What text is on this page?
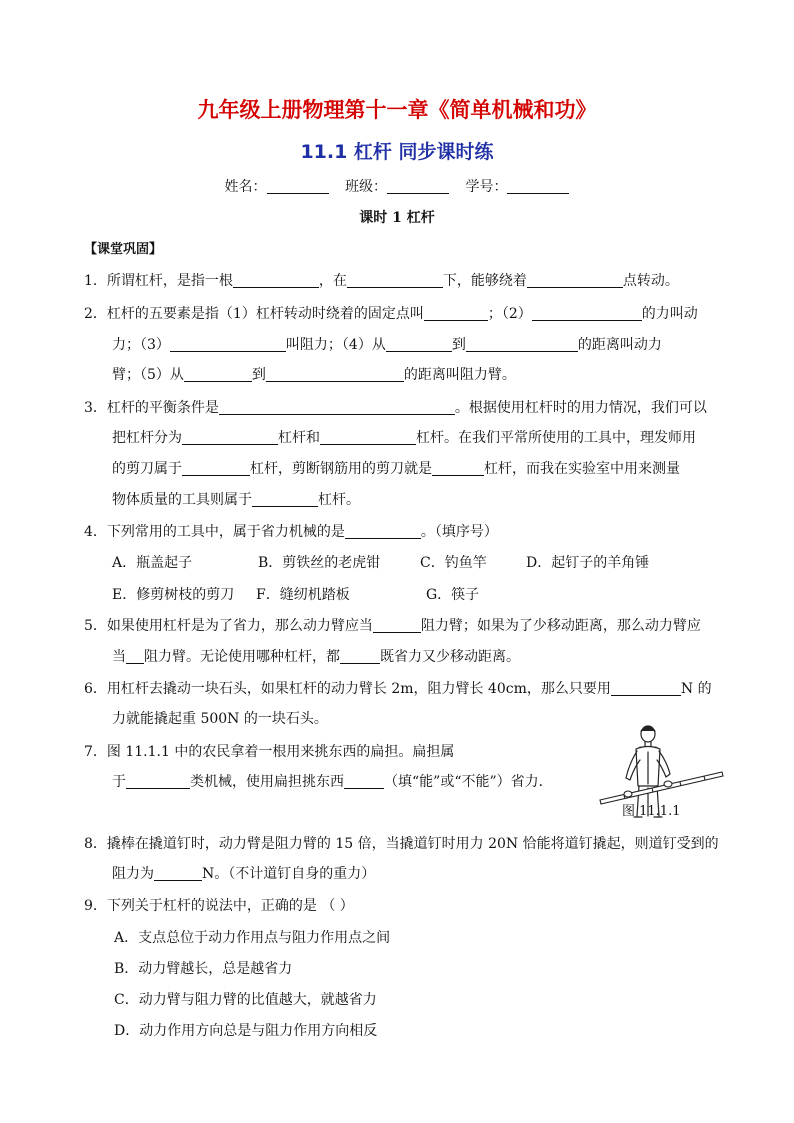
九年级上册物理第十一章《简单机械和功》
11.1 杠杆 同步课时练
姓名：	班级：	学号：
课时 1 杠杆
【课堂巩固】
1．所谓杠杆，是指一根	，在	下，能够绕着	点转动。
2．杠杆的五要素是指（1）杠杆转动时绕着的固定点叫	；（2）	的力叫动
力；（3）	叫阻力；（4）从	到	的距离叫动力
臂；（5）从	到	的距离叫阻力臂。
3．杠杆的平衡条件是	。根据使用杠杆时的用力情况，我们可以
把杠杆分为	杠杆和	杠杆。在我们平常所使用的工具中，理发师用
的剪刀属于	杠杆，剪断钢筋用的剪刀就是	杠杆，而我在实验室中用来测量
物体质量的工具则属于	杠杆。
4．下列常用的工具中，属于省力机械的是	。（填序号）
A．瓶盖起子	B．剪铁丝的老虎钳	C．钓鱼竿	D．起钉子的羊角锤
E．修剪树枝的剪刀 F．缝纫机踏板	G．筷子
5．如果使用杠杆是为了省力，那么动力臂应当	阻力臂；如果为了少移动距离，那么动力臂应
当 阻力臂。无论使用哪种杠杆，都	既省力又少移动距离。
6．用杠杆去撬动一块石头，如果杠杆的动力臂长 2m，阻力臂长 40cm，那么只要用	N 的
力就能撬起重 500N 的一块石头。
7．图 11.1.1 中的农民拿着一根用来挑东西的扁担。扁担属
于	类机械，使用扁担挑东西	（填“能”或“不能”）省力．
图 11.1.1
8．撬棒在撬道钉时，动力臂是阻力臂的 15 倍，当撬道钉时用力 20N 恰能将道钉撬起，则道钉受到的
阻力为	N。（不计道钉自身的重力）
9．下列关于杠杆的说法中，正确的是 （ ）
A．支点总位于动力作用点与阻力作用点之间
B．动力臂越长，总是越省力
C．动力臂与阻力臂的比值越大，就越省力
D．动力作用方向总是与阻力作用方向相反
